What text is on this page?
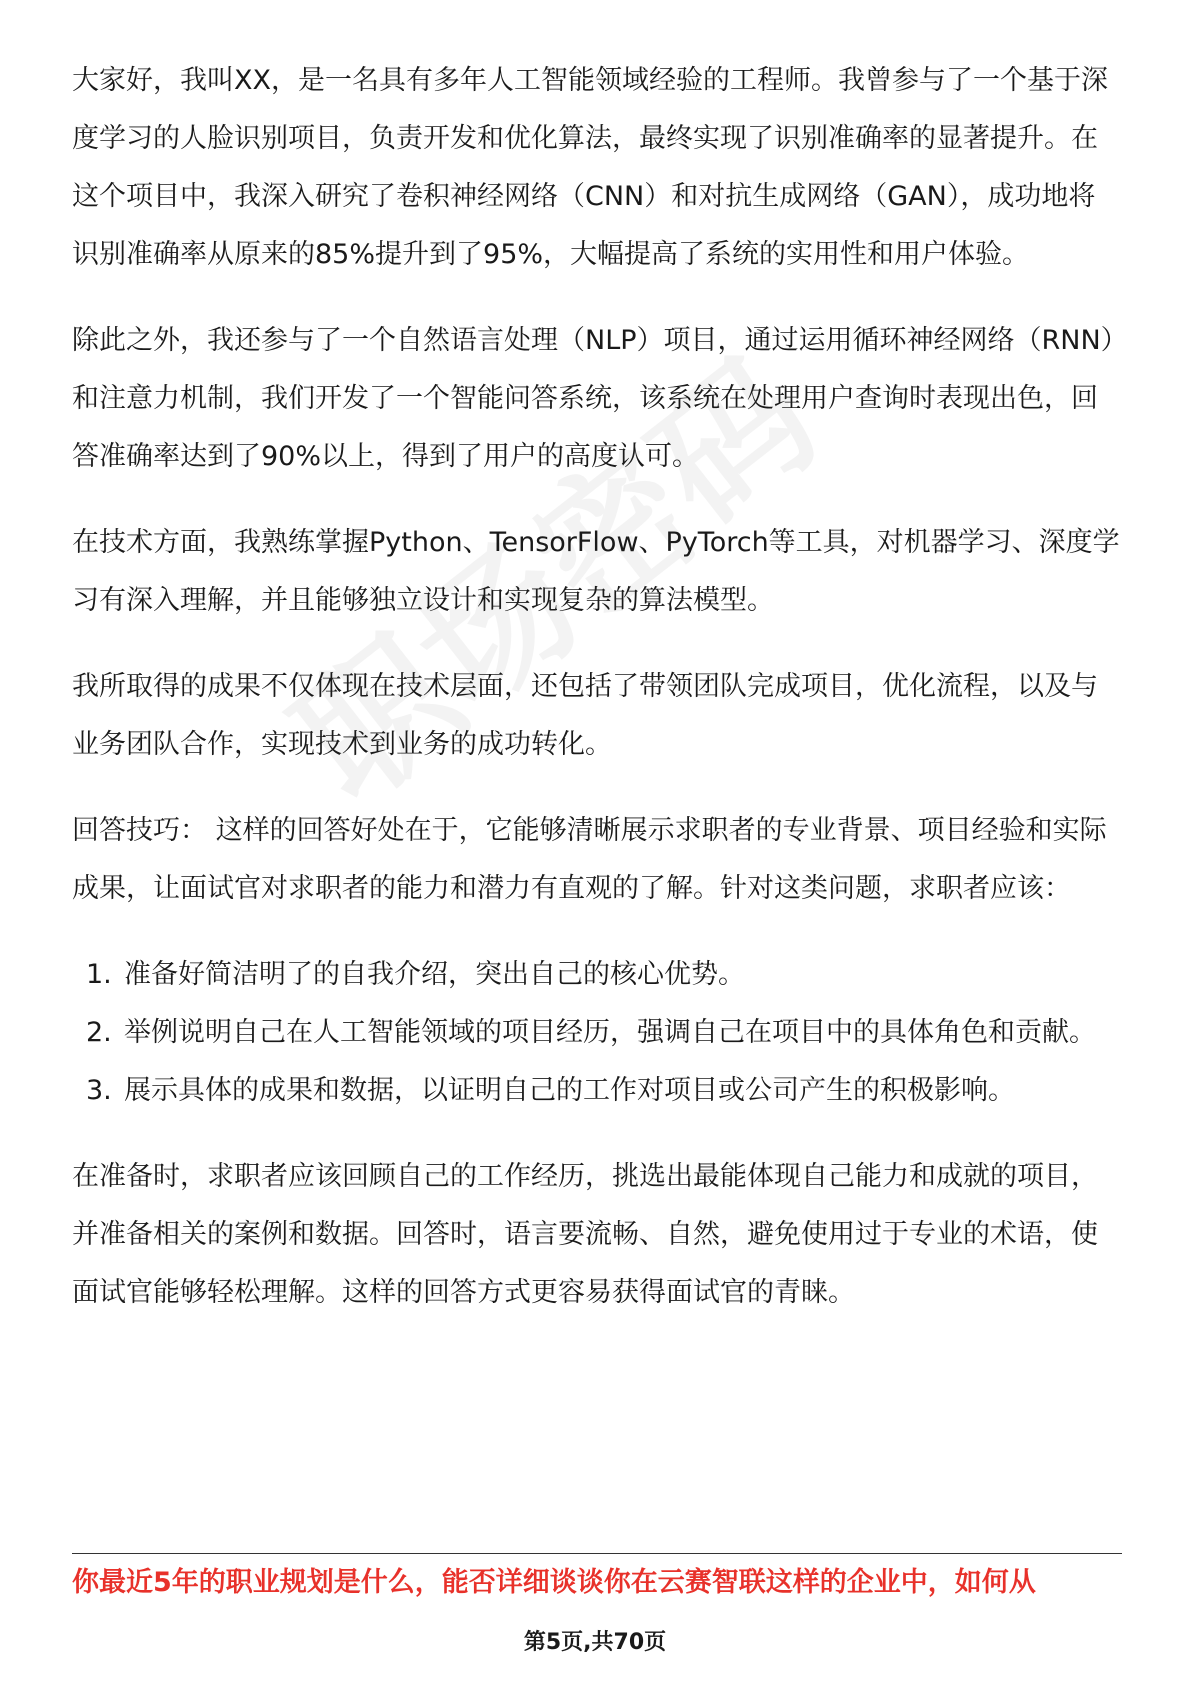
大家好，我叫XX，是一名具有多年人工智能领域经验的工程师。我曾参与了一个基于深度学习的人脸识别项目，负责开发和优化算法，最终实现了识别准确率的显著提升。在这个项目中，我深入研究了卷积神经网络（CNN）和对抗生成网络（GAN），成功地将识别准确率从原来的85%提升到了95%，大幅提高了系统的实用性和用户体验。

除此之外，我还参与了一个自然语言处理（NLP）项目，通过运用循环神经网络（RNN）和注意力机制，我们开发了一个智能问答系统，该系统在处理用户查询时表现出色，回答准确率达到了90%以上，得到了用户的高度认可。

在技术方面，我熟练掌握Python、TensorFlow、PyTorch等工具，对机器学习、深度学习有深入理解，并且能够独立设计和实现复杂的算法模型。

我所取得的成果不仅体现在技术层面，还包括了带领团队完成项目，优化流程，以及与业务团队合作，实现技术到业务的成功转化。

回答技巧： 这样的回答好处在于，它能够清晰展示求职者的专业背景、项目经验和实际成果，让面试官对求职者的能力和潜力有直观的了解。针对这类问题，求职者应该：

1. 准备好简洁明了的自我介绍，突出自己的核心优势。
2. 举例说明自己在人工智能领域的项目经历，强调自己在项目中的具体角色和贡献。
3. 展示具体的成果和数据，以证明自己的工作对项目或公司产生的积极影响。

在准备时，求职者应该回顾自己的工作经历，挑选出最能体现自己能力和成就的项目，并准备相关的案例和数据。回答时，语言要流畅、自然，避免使用过于专业的术语，使面试官能够轻松理解。这样的回答方式更容易获得面试官的青睐。

你最近5年的职业规划是什么，能否详细谈谈你在云赛智联这样的企业中，如何从
第5页,共70页
